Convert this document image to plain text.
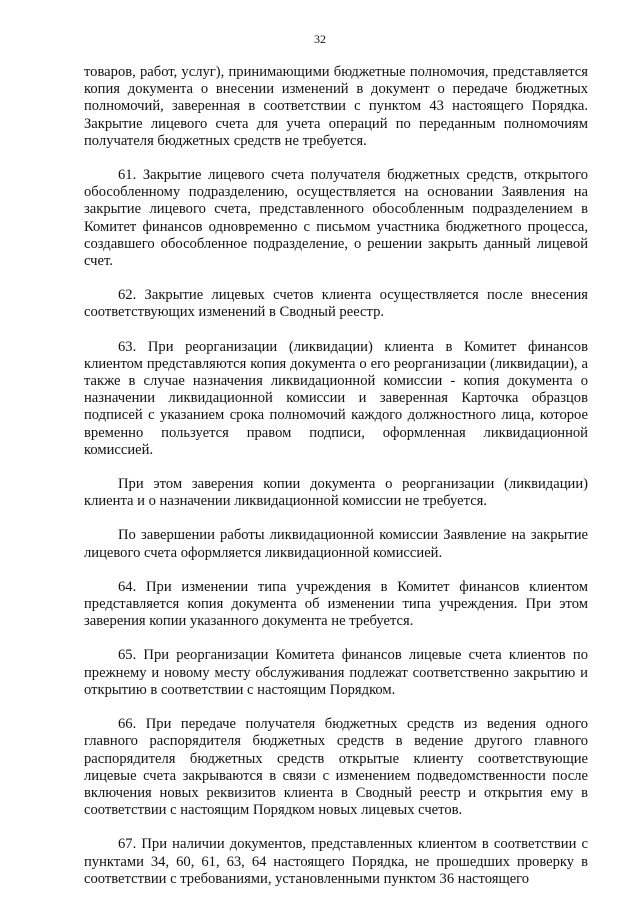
32

товаров, работ, услуг), принимающими бюджетные полномочия, представляется копия документа о внесении изменений в документ о передаче бюджетных полномочий, заверенная в соответствии с пунктом 43 настоящего Порядка. Закрытие лицевого счета для учета операций по переданным полномочиям получателя бюджетных средств не требуется.

61. Закрытие лицевого счета получателя бюджетных средств, открытого обособленному подразделению, осуществляется на основании Заявления на закрытие лицевого счета, представленного обособленным подразделением в Комитет финансов одновременно с письмом участника бюджетного процесса, создавшего обособленное подразделение, о решении закрыть данный лицевой счет.

62. Закрытие лицевых счетов клиента осуществляется после внесения соответствующих изменений в Сводный реестр.

63. При реорганизации (ликвидации) клиента в Комитет финансов клиентом представляются копия документа о его реорганизации (ликвидации), а также в случае назначения ликвидационной комиссии - копия документа о назначении ликвидационной комиссии и заверенная Карточка образцов подписей с указанием срока полномочий каждого должностного лица, которое временно пользуется правом подписи, оформленная ликвидационной комиссией.

При этом заверения копии документа о реорганизации (ликвидации) клиента и о назначении ликвидационной комиссии не требуется.

По завершении работы ликвидационной комиссии Заявление на закрытие лицевого счета оформляется ликвидационной комиссией.

64. При изменении типа учреждения в Комитет финансов клиентом представляется копия документа об изменении типа учреждения. При этом заверения копии указанного документа не требуется.

65. При реорганизации Комитета финансов лицевые счета клиентов по прежнему и новому месту обслуживания подлежат соответственно закрытию и открытию в соответствии с настоящим Порядком.

66. При передаче получателя бюджетных средств из ведения одного главного распорядителя бюджетных средств в ведение другого главного распорядителя бюджетных средств открытые клиенту соответствующие лицевые счета закрываются в связи с изменением подведомственности после включения новых реквизитов клиента в Сводный реестр и открытия ему в соответствии с настоящим Порядком новых лицевых счетов.

67. При наличии документов, представленных клиентом в соответствии с пунктами 34, 60, 61, 63, 64 настоящего Порядка, не прошедших проверку в соответствии с требованиями, установленными пунктом 36 настоящего
